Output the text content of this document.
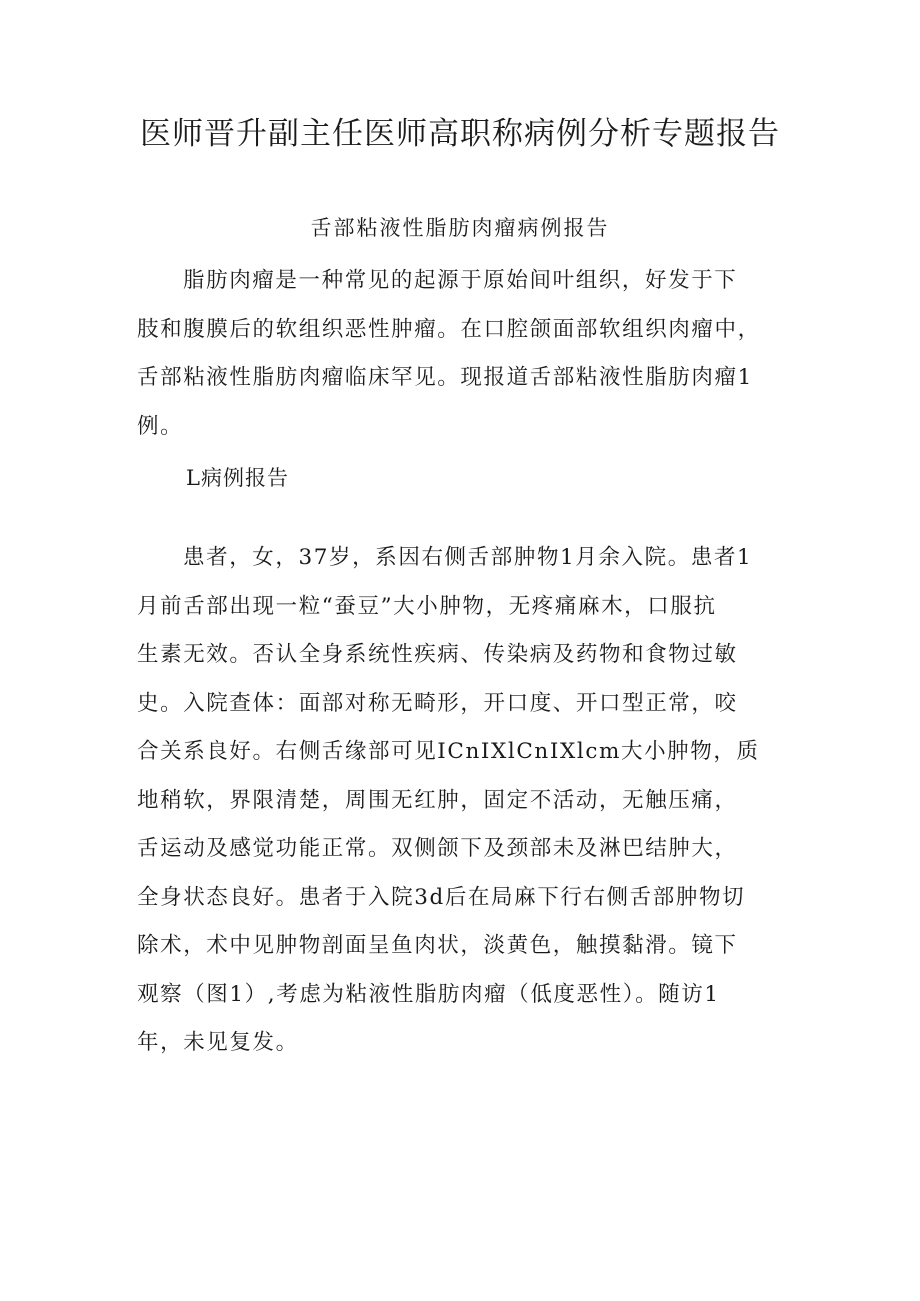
医师晋升副主任医师高职称病例分析专题报告
舌部粘液性脂肪肉瘤病例报告
脂肪肉瘤是一种常见的起源于原始间叶组织，好发于下
肢和腹膜后的软组织恶性肿瘤。在口腔颌面部软组织肉瘤中，
舌部粘液性脂肪肉瘤临床罕见。现报道舌部粘液性脂肪肉瘤1
例。
L病例报告
患者，女，37岁，系因右侧舌部肿物1月余入院。患者1
月前舌部出现一粒“蚕豆”大小肿物，无疼痛麻木，口服抗
生素无效。否认全身系统性疾病、传染病及药物和食物过敏
史。入院查体：面部对称无畸形，开口度、开口型正常，咬
合关系良好。右侧舌缘部可见ICnIXlCnIXlcm大小肿物，质
地稍软，界限清楚，周围无红肿，固定不活动，无触压痛，
舌运动及感觉功能正常。双侧颌下及颈部未及淋巴结肿大，
全身状态良好。患者于入院3d后在局麻下行右侧舌部肿物切
除术，术中见肿物剖面呈鱼肉状，淡黄色，触摸黏滑。镜下
观察（图1）,考虑为粘液性脂肪肉瘤（低度恶性）。随访1
年，未见复发。
